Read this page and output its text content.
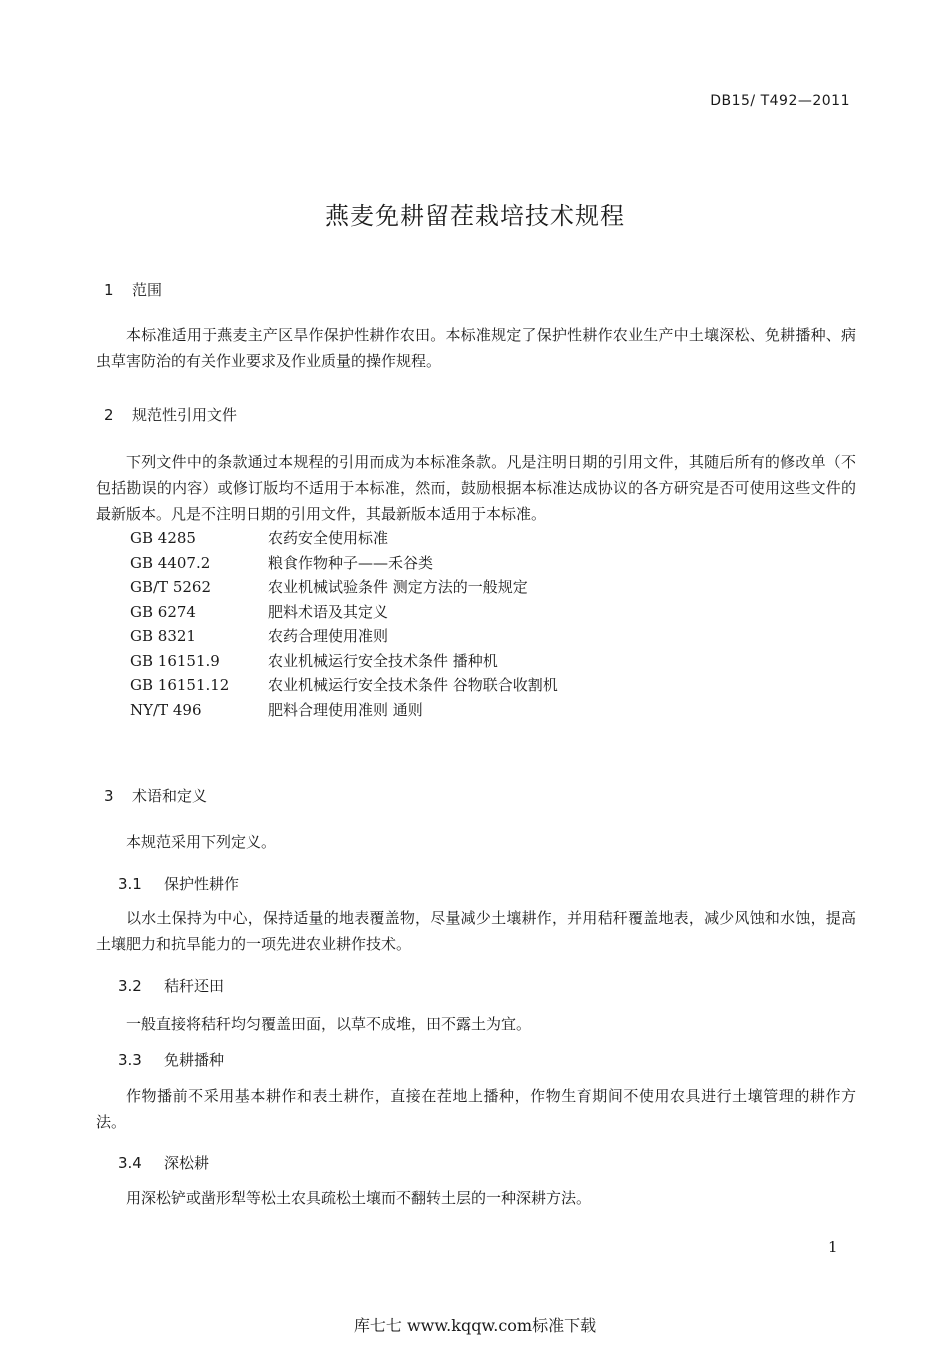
DB15/ T492—2011
燕麦免耕留茬栽培技术规程
1 范围
本标准适用于燕麦主产区旱作保护性耕作农田。本标准规定了保护性耕作农业生产中土壤深松、免耕播种、病虫草害防治的有关作业要求及作业质量的操作规程。
2 规范性引用文件
下列文件中的条款通过本规程的引用而成为本标准条款。凡是注明日期的引用文件，其随后所有的修改单（不包括勘误的内容）或修订版均不适用于本标准，然而，鼓励根据本标准达成协议的各方研究是否可使用这些文件的最新版本。凡是不注明日期的引用文件，其最新版本适用于本标准。
GB 4285	农药安全使用标准
GB 4407.2	粮食作物种子——禾谷类
GB/T 5262	农业机械试验条件 测定方法的一般规定
GB 6274	肥料术语及其定义
GB 8321	农药合理使用准则
GB 16151.9	农业机械运行安全技术条件 播种机
GB 16151.12	农业机械运行安全技术条件 谷物联合收割机
NY/T 496	肥料合理使用准则 通则
3 术语和定义
本规范采用下列定义。
3.1 保护性耕作
以水土保持为中心，保持适量的地表覆盖物，尽量减少土壤耕作，并用秸秆覆盖地表，减少风蚀和水蚀，提高土壤肥力和抗旱能力的一项先进农业耕作技术。
3.2 秸秆还田
一般直接将秸秆均匀覆盖田面，以草不成堆，田不露土为宜。
3.3 免耕播种
作物播前不采用基本耕作和表土耕作，直接在茬地上播种，作物生育期间不使用农具进行土壤管理的耕作方法。
3.4 深松耕
用深松铲或凿形犁等松土农具疏松土壤而不翻转土层的一种深耕方法。
1
库七七 www.kqqw.com标准下载
